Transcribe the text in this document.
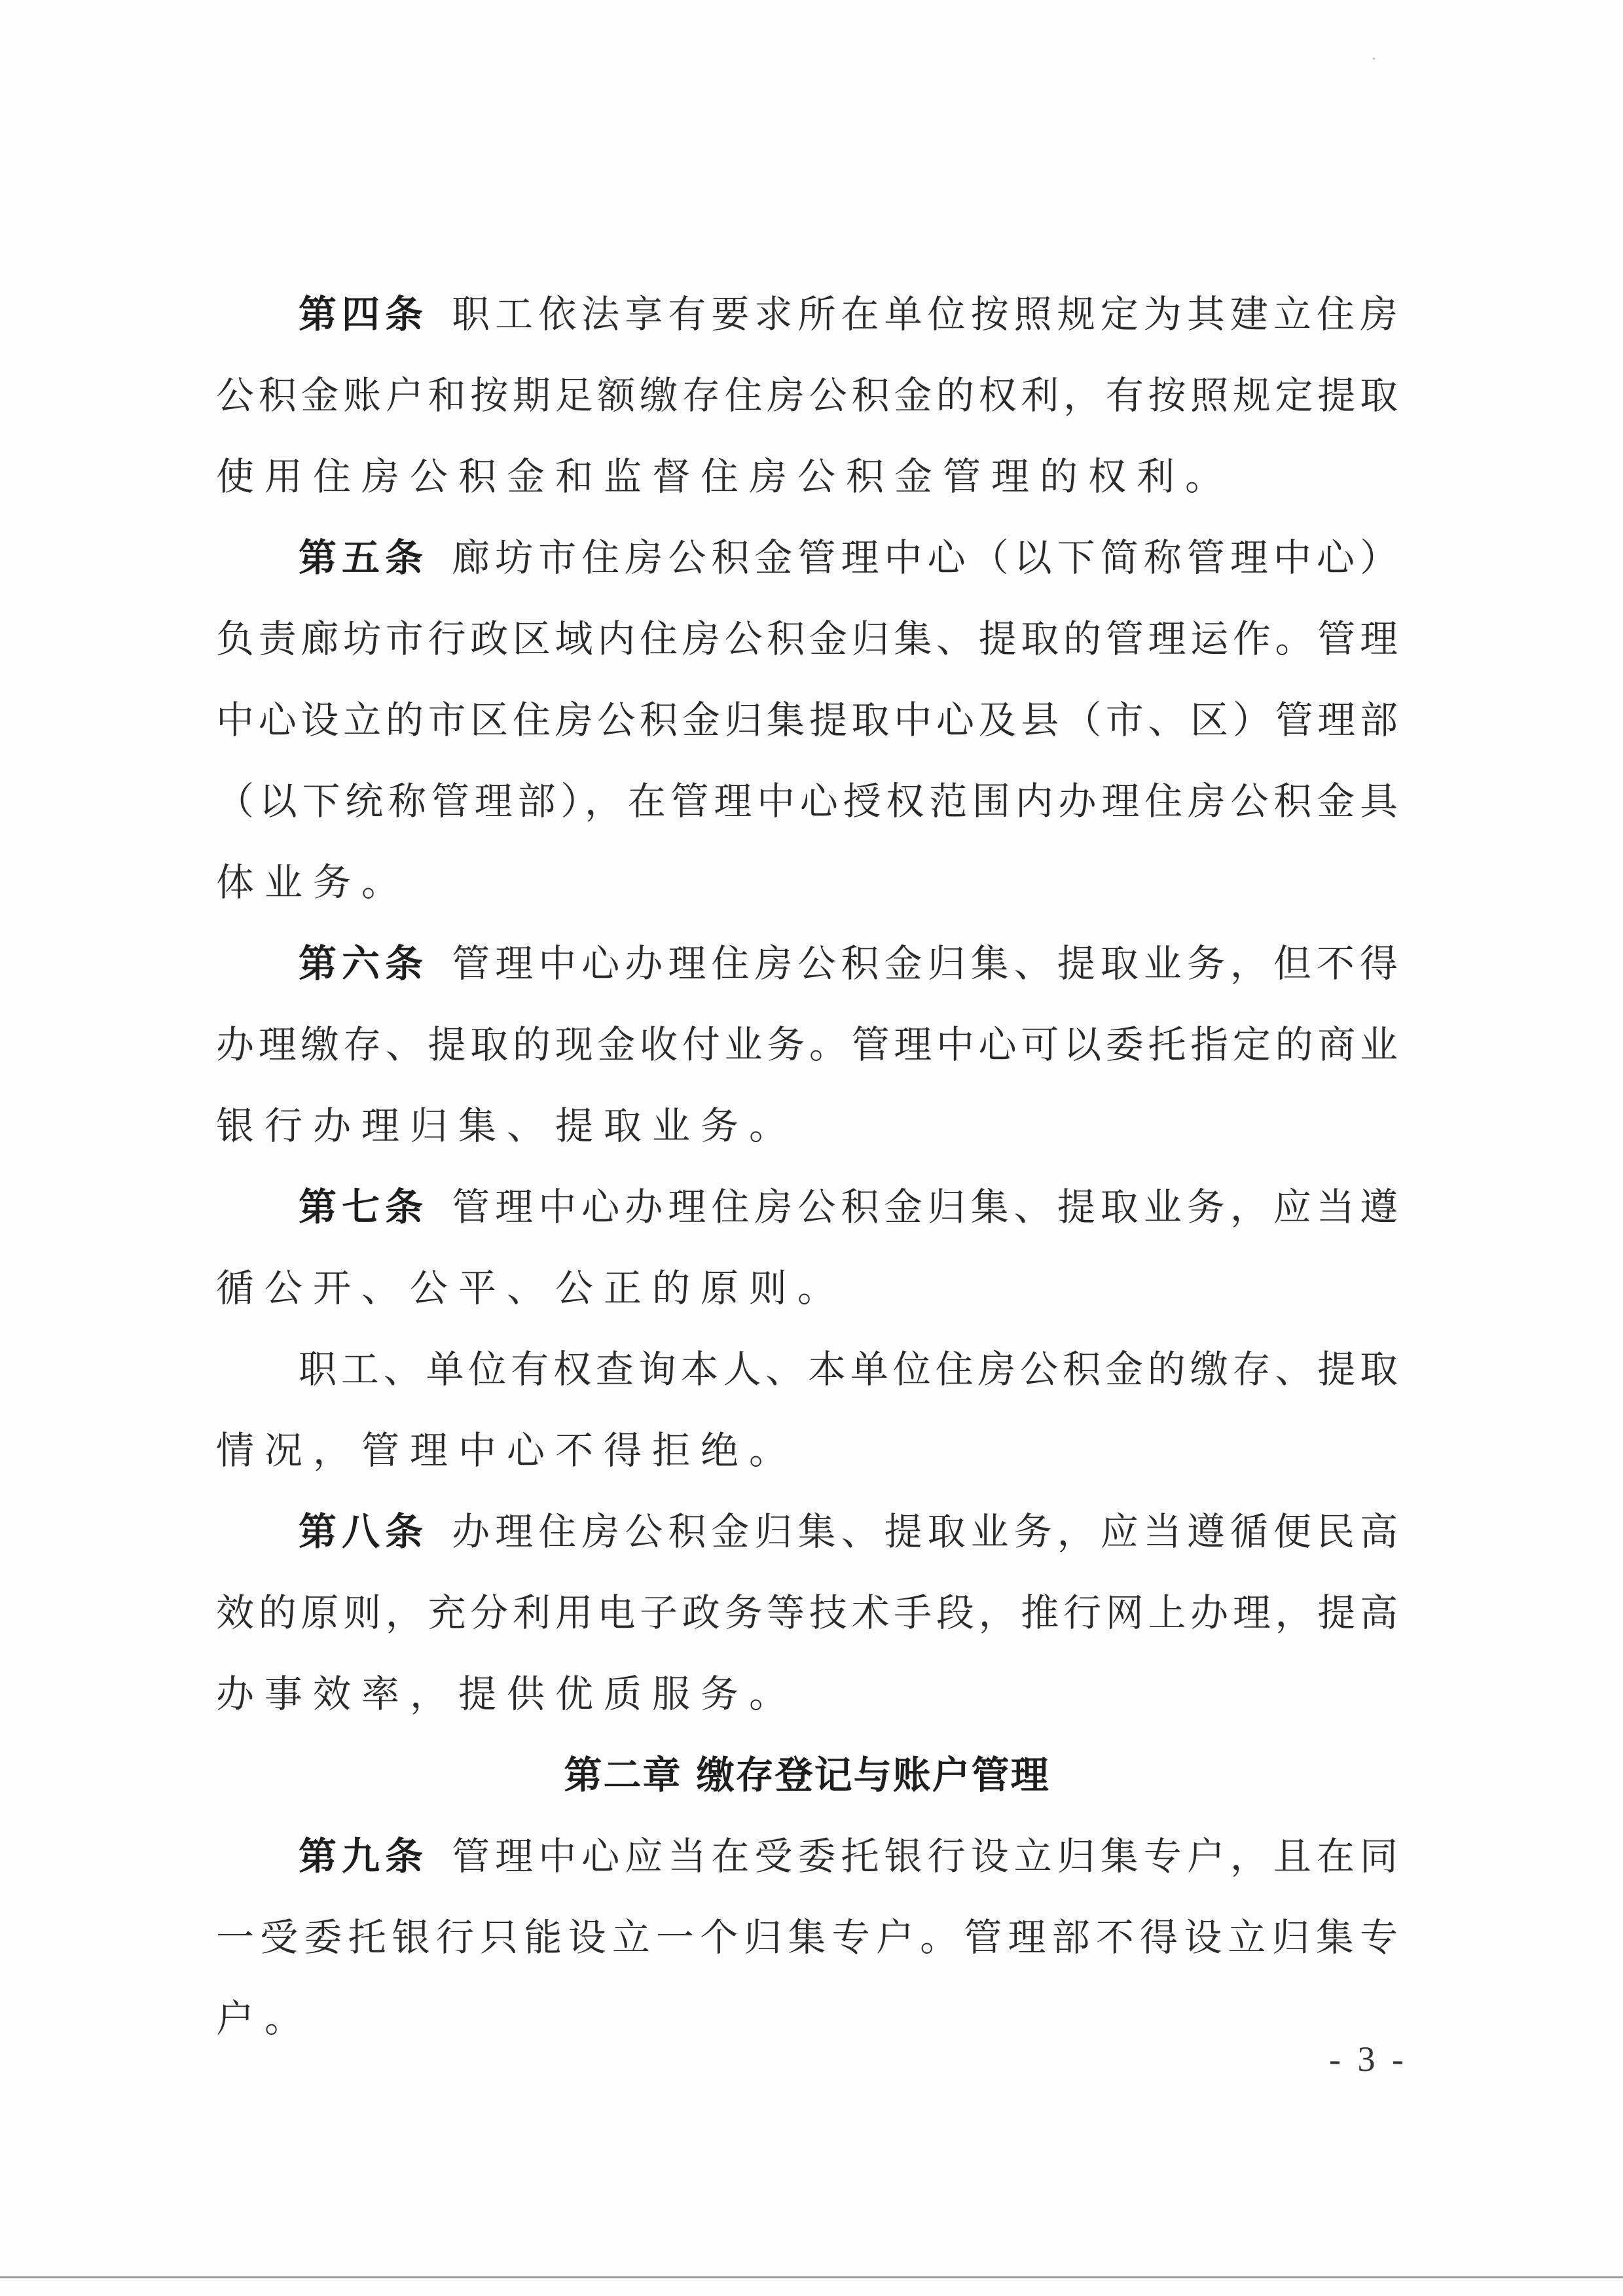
第四条 职工依法享有要求所在单位按照规定为其建立住房
公积金账户和按期足额缴存住房公积金的权利，有按照规定提取
使用住房公积金和监督住房公积金管理的权利。
第五条 廊坊市住房公积金管理中心（以下简称管理中心）
负责廊坊市行政区域内住房公积金归集、提取的管理运作。管理
中心设立的市区住房公积金归集提取中心及县（市、区）管理部
（以下统称管理部），在管理中心授权范围内办理住房公积金具
体业务。
第六条 管理中心办理住房公积金归集、提取业务，但不得
办理缴存、提取的现金收付业务。管理中心可以委托指定的商业
银行办理归集、提取业务。
第七条 管理中心办理住房公积金归集、提取业务，应当遵
循公开、公平、公正的原则。
职工、单位有权查询本人、本单位住房公积金的缴存、提取
情况，管理中心不得拒绝。
第八条 办理住房公积金归集、提取业务，应当遵循便民高
效的原则，充分利用电子政务等技术手段，推行网上办理，提高
办事效率，提供优质服务。
第二章 缴存登记与账户管理
第九条 管理中心应当在受委托银行设立归集专户，且在同
一受委托银行只能设立一个归集专户。管理部不得设立归集专
户。
- 3 -
